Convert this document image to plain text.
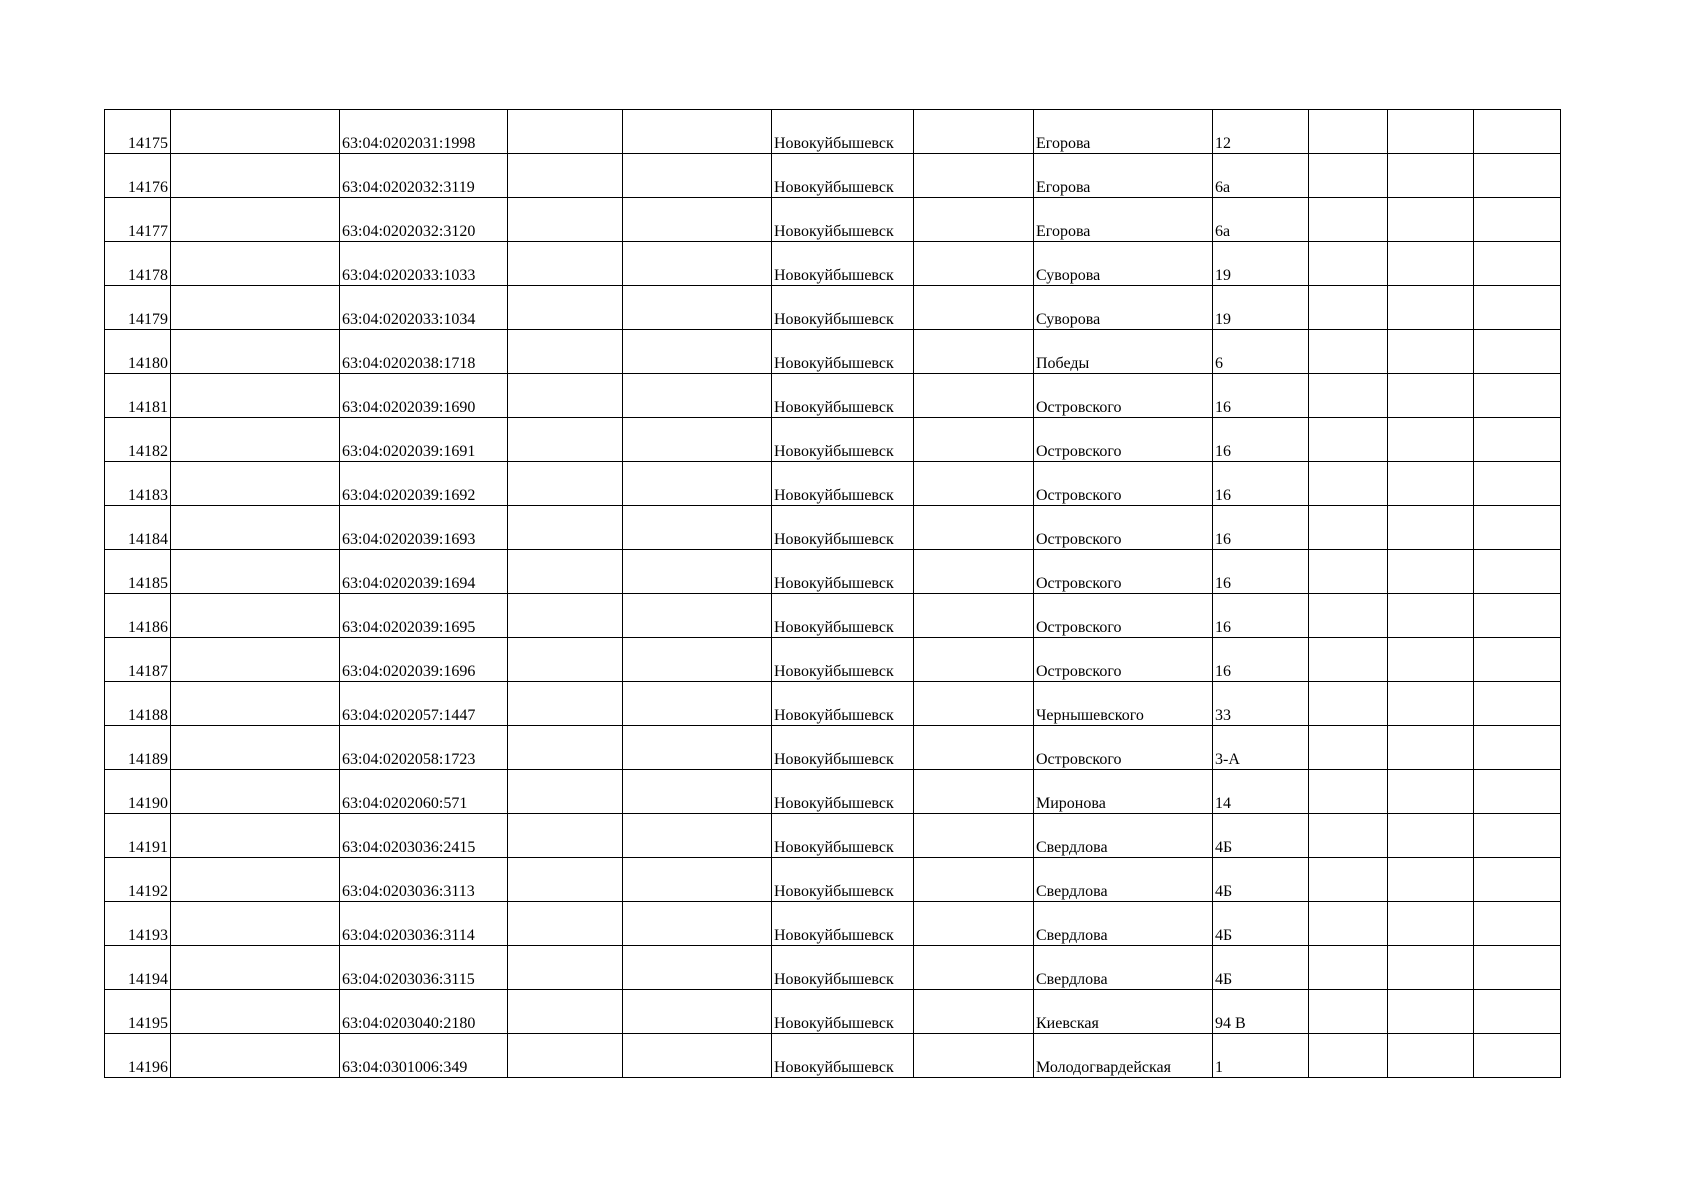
14175		63:04:0202031:1998			Новокуйбышевск		Егорова	12			
14176		63:04:0202032:3119			Новокуйбышевск		Егорова	6а			
14177		63:04:0202032:3120			Новокуйбышевск		Егорова	6а			
14178		63:04:0202033:1033			Новокуйбышевск		Суворова	19			
14179		63:04:0202033:1034			Новокуйбышевск		Суворова	19			
14180		63:04:0202038:1718			Новокуйбышевск		Победы	6			
14181		63:04:0202039:1690			Новокуйбышевск		Островского	16			
14182		63:04:0202039:1691			Новокуйбышевск		Островского	16			
14183		63:04:0202039:1692			Новокуйбышевск		Островского	16			
14184		63:04:0202039:1693			Новокуйбышевск		Островского	16			
14185		63:04:0202039:1694			Новокуйбышевск		Островского	16			
14186		63:04:0202039:1695			Новокуйбышевск		Островского	16			
14187		63:04:0202039:1696			Новокуйбышевск		Островского	16			
14188		63:04:0202057:1447			Новокуйбышевск		Чернышевского	33			
14189		63:04:0202058:1723			Новокуйбышевск		Островского	3-А			
14190		63:04:0202060:571			Новокуйбышевск		Миронова	14			
14191		63:04:0203036:2415			Новокуйбышевск		Свердлова	4Б			
14192		63:04:0203036:3113			Новокуйбышевск		Свердлова	4Б			
14193		63:04:0203036:3114			Новокуйбышевск		Свердлова	4Б			
14194		63:04:0203036:3115			Новокуйбышевск		Свердлова	4Б			
14195		63:04:0203040:2180			Новокуйбышевск		Киевская	94 В			
14196		63:04:0301006:349			Новокуйбышевск		Молодогвардейская	1			
